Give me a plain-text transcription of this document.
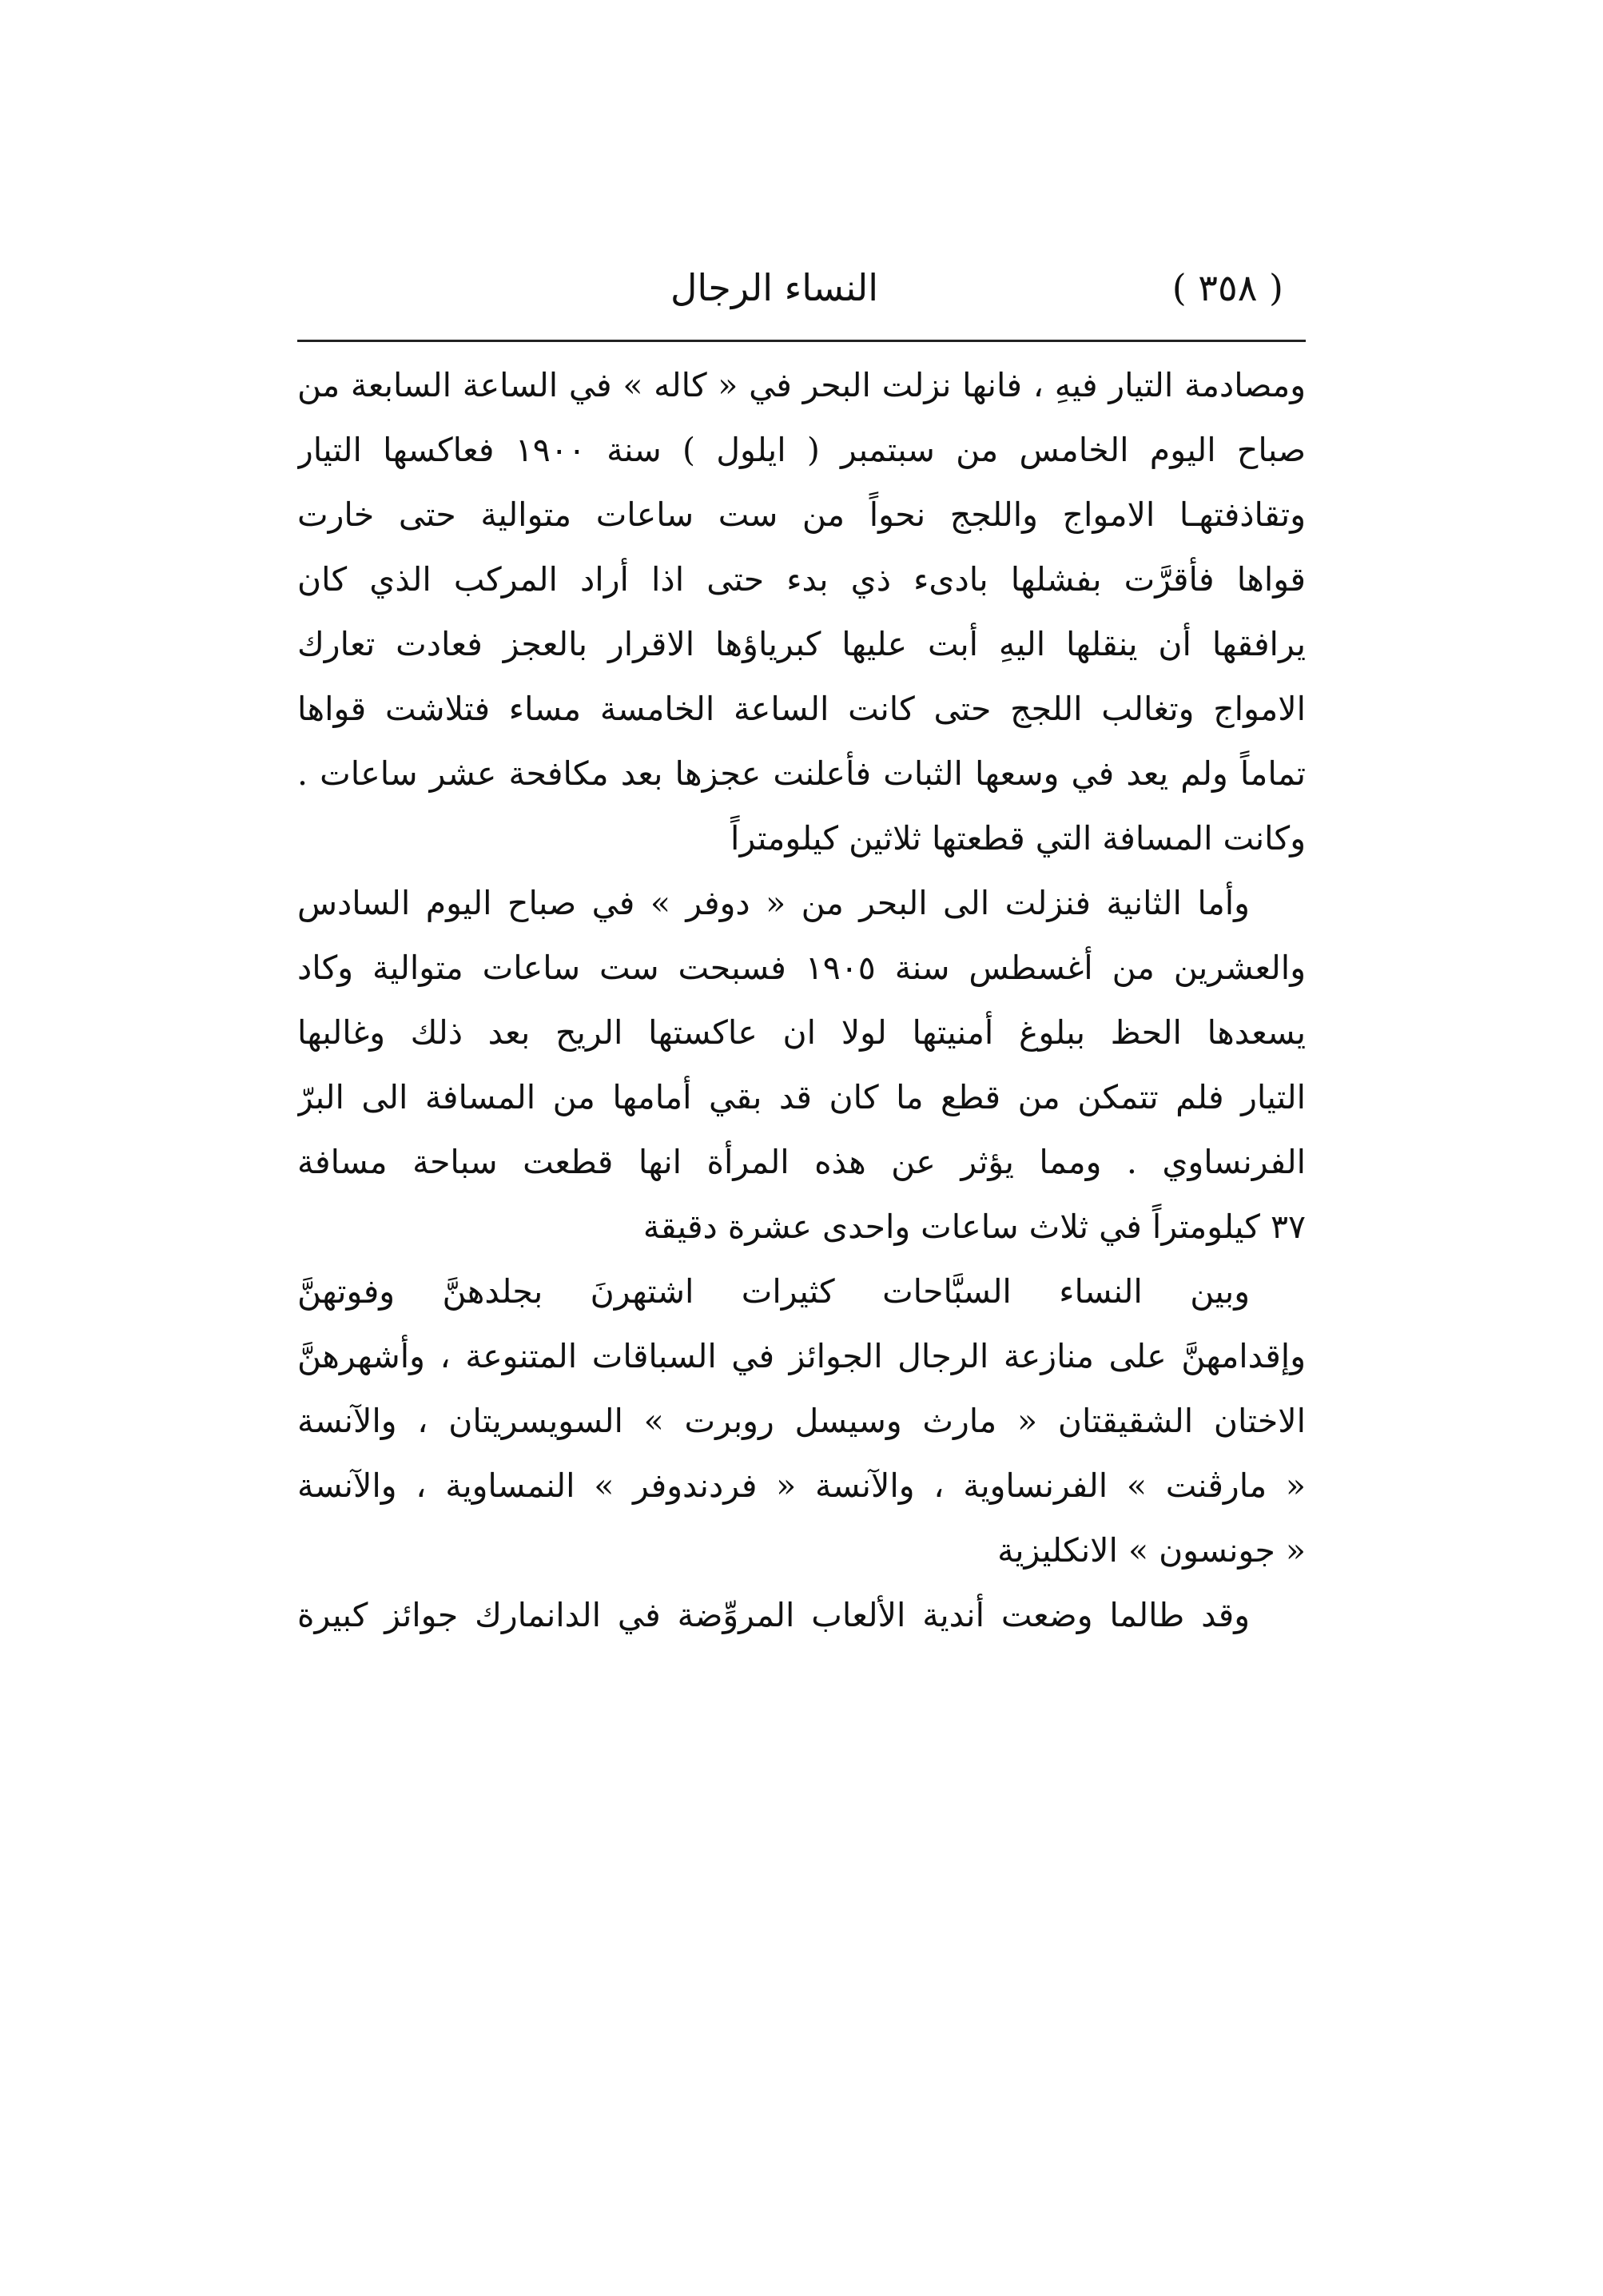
( ٣٥٨ )
النساء الرجال
ومصادمة التيار فيهِ ، فانها نزلت البحر في « كاله » في الساعة السابعة من
صباح اليوم الخامس من سبتمبر ( ايلول ) سنة ١٩٠٠ فعاكسها التيار
وتقاذفتهـا الامواج واللجج نحواً من ست ساعات متوالية حتى خارت
قواها فأقرَّت بفشلها بادىء ذي بدء حتى اذا أراد المركب الذي كان
يرافقها أن ينقلها اليهِ أبت عليها كبرياؤها الاقرار بالعجز فعادت تعارك
الامواج وتغالب اللجج حتى كانت الساعة الخامسة مساء فتلاشت قواها
تماماً ولم يعد في وسعها الثبات فأعلنت عجزها بعد مكافحة عشر ساعات .
وكانت المسافة التي قطعتها ثلاثين كيلومتراً
وأما الثانية فنزلت الى البحر من « دوفر » في صباح اليوم السادس
والعشرين من أغسطس سنة ١٩٠٥ فسبحت ست ساعات متوالية وكاد
يسعدها الحظ ببلوغ أمنيتها لولا ان عاكستها الريح بعد ذلك وغالبها
التيار فلم تتمكن من قطع ما كان قد بقي أمامها من المسافة الى البرّ
الفرنساوي . ومما يؤثر عن هذه المرأة انها قطعت سباحة مسافة
٣٧ كيلومتراً في ثلاث ساعات واحدى عشرة دقيقة
وبين النساء السبَّاحات كثيرات اشتهرنَ بجلدهنَّ وفوتهنَّ
وإقدامهنَّ على منازعة الرجال الجوائز في السباقات المتنوعة ، وأشهرهنَّ
الاختان الشقيقتان « مارث وسيسل روبرت » السويسريتان ، والآنسة
« مارڤنت » الفرنساوية ، والآنسة « فردندوفر » النمساوية ، والآنسة
« جونسون » الانكليزية
وقد طالما وضعت أندية الألعاب المروِّضة في الدانمارك جوائز كبيرة
